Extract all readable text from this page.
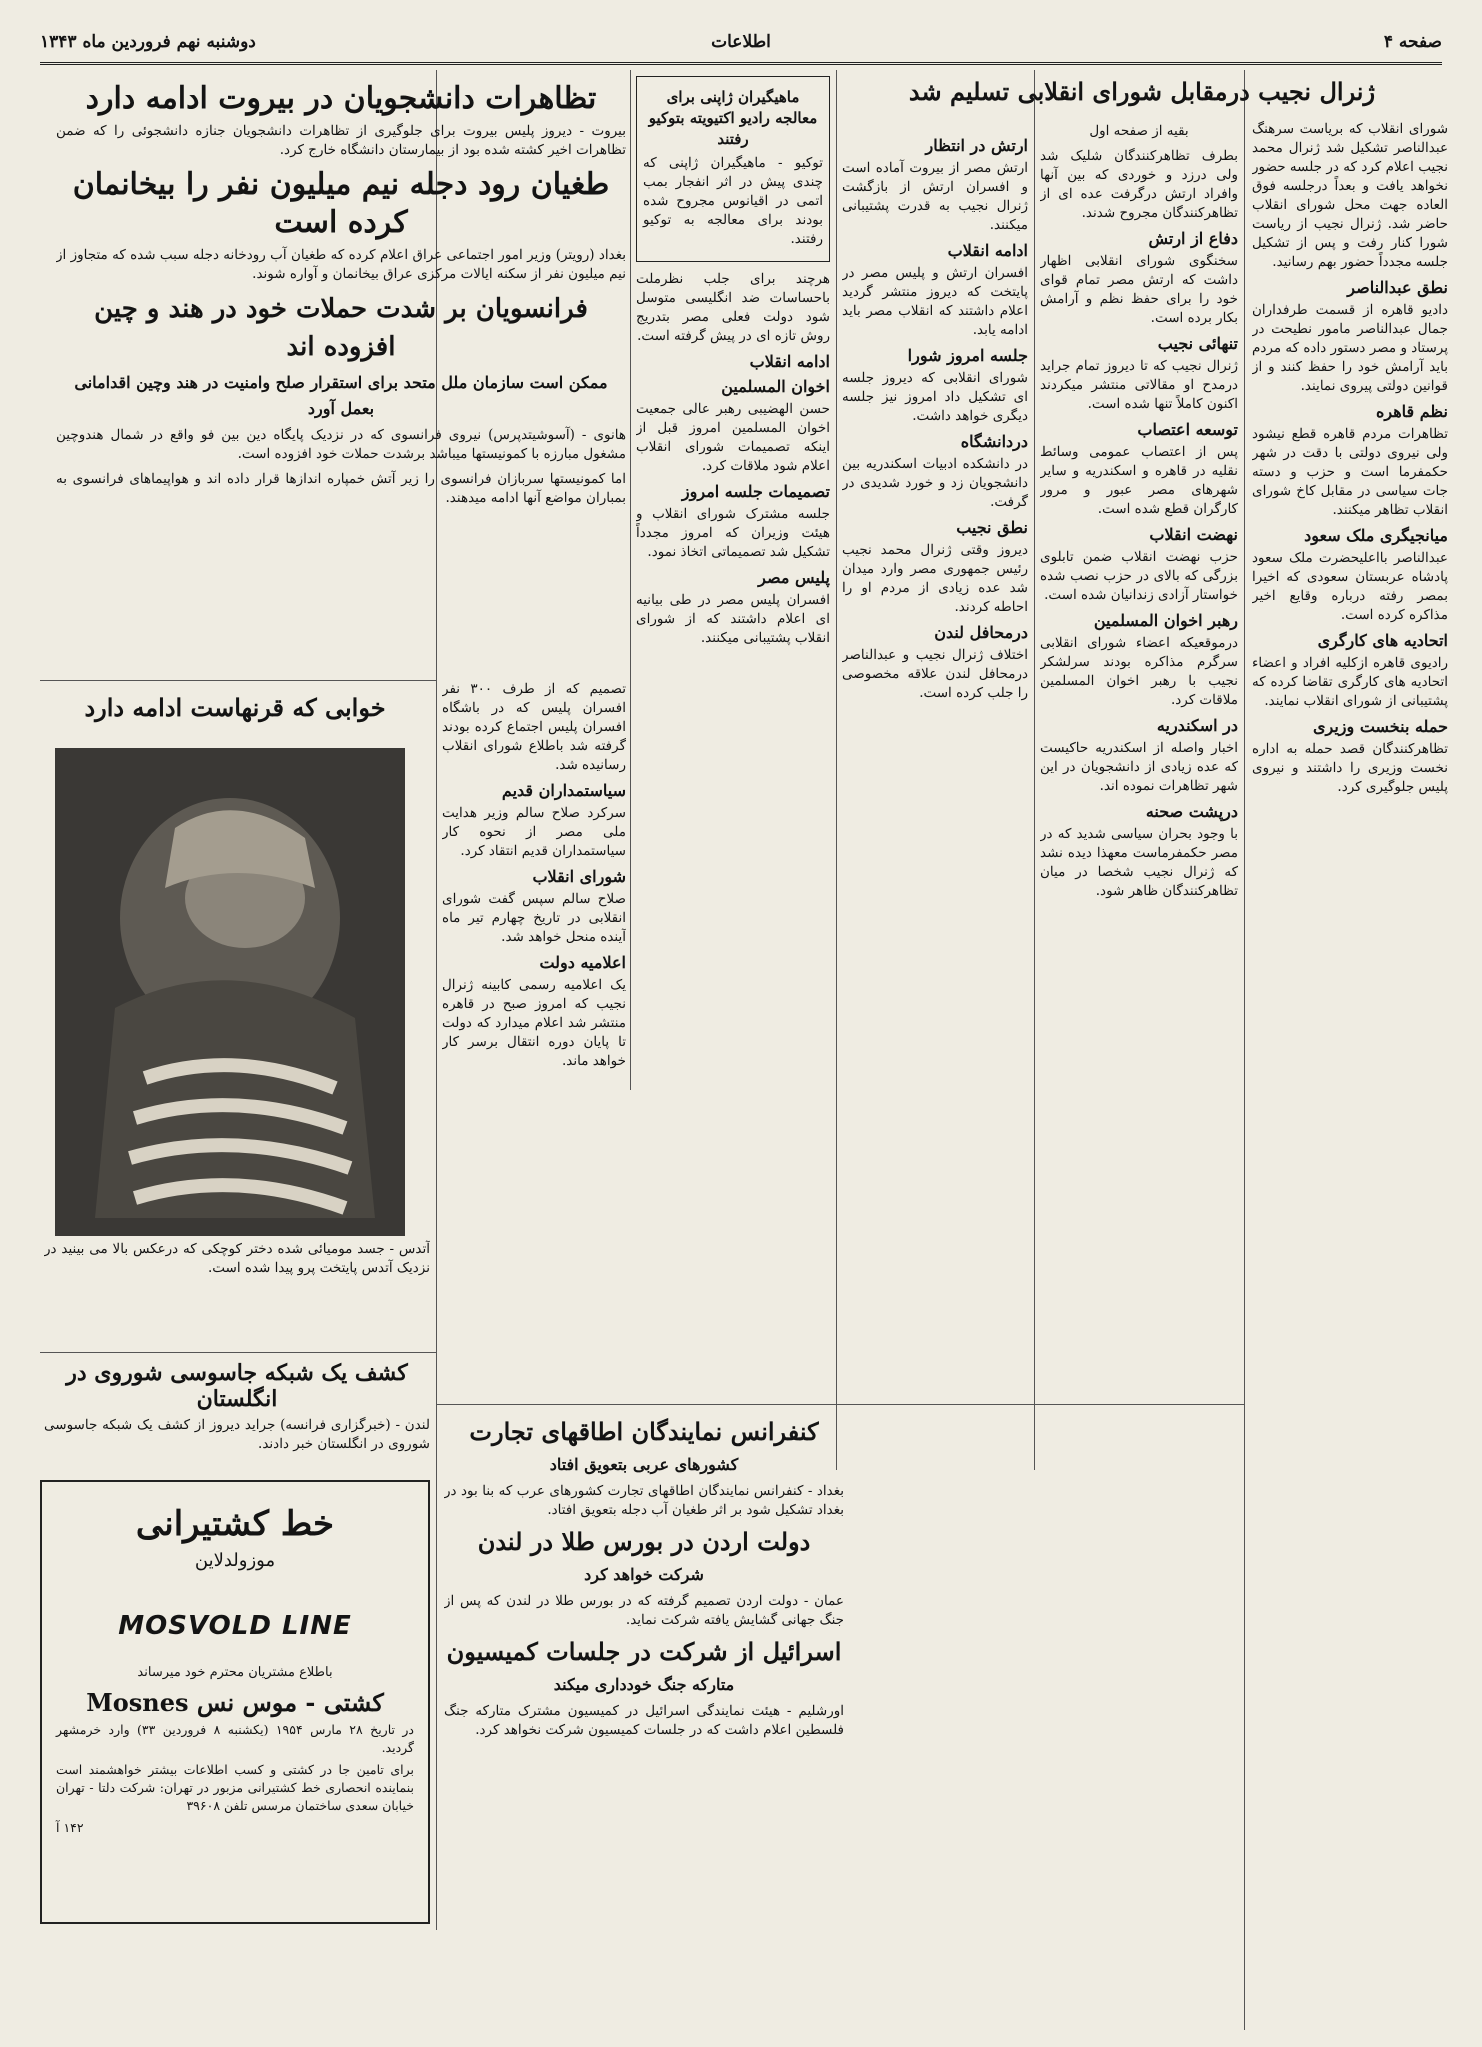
صفحه ۴
اطلاعات
دوشنبه نهم فروردین ماه ۱۳۴۳

شورای انقلاب که بریاست سرهنگ عبدالناصر تشکیل شد ژنرال محمد نجیب اعلام کرد که در جلسه حضور نخواهد یافت و بعداً درجلسه فوق العاده جهت محل شورای انقلاب حاضر شد. ژنرال نجیب از ریاست شورا کنار رفت و پس از تشکیل جلسه مجدداً حضور بهم رسانید.

نطق عبدالناصر

دادیو قاهره از قسمت طرفداران جمال عبدالناصر مامور نطیحت در پرستاد و مصر دستور داده که مردم باید آرامش خود را حفظ کنند و از قوانین دولتی پیروی نمایند.

نظم قاهره

تظاهرات مردم قاهره قطع نیشود ولی نیروی دولتی با دقت در شهر حکمفرما است و حزب و دسته جات سیاسی در مقابل کاخ شورای انقلاب تظاهر میکنند.

میانجیگری ملک سعود

عبدالناصر بااعلیحضرت ملک سعود پادشاه عربستان سعودی که اخیرا بمصر رفته درباره وقایع اخیر مذاکره کرده است.

اتحادیه های کارگری

رادیوی قاهره ازکلیه افراد و اعضاء اتحادیه های کارگری تقاضا کرده که پشتیبانی از شورای انقلاب نمایند.

حمله بنخست وزیری

تظاهرکنندگان قصد حمله به اداره نخست وزیری را داشتند و نیروی پلیس جلوگیری کرد.

ژنرال نجیب درمقابل شورای انقلابی تسلیم شد

بقیه از صفحه اول

بطرف تظاهرکنندگان شلیک شد ولی درزد و خوردی که بین آنها وافراد ارتش درگرفت عده ای از تظاهرکنندگان مجروح شدند.

دفاع از ارتش

سخنگوی شورای انقلابی اظهار داشت که ارتش مصر تمام قوای خود را برای حفظ نظم و آرامش بکار برده است.

تنهائی نجیب

ژنرال نجیب که تا دیروز تمام جراید درمدح او مقالاتی منتشر میکردند اکنون کاملاً تنها شده است.

توسعه اعتصاب

پس از اعتصاب عمومی وسائط نقلیه در قاهره و اسکندریه و سایر شهرهای مصر عبور و مرور کارگران قطع شده است.

نهضت انقلاب

حزب نهضت انقلاب ضمن تابلوی بزرگی که بالای در حزب نصب شده خواستار آزادی زندانیان شده است.

رهبر اخوان المسلمین

درموقعیکه اعضاء شورای انقلابی سرگرم مذاکره بودند سرلشکر نجیب با رهبر اخوان المسلمین ملاقات کرد.

در اسکندریه

اخبار واصله از اسکندریه حاکیست که عده زیادی از دانشجویان در این شهر تظاهرات نموده اند.

درپشت صحنه

با وجود بحران سیاسی شدید که در مصر حکمفرماست معهذا دیده نشد که ژنرال نجیب شخصا در میان تظاهرکنندگان ظاهر شود.

ارتش در انتظار

ارتش مصر از بیروت آماده است و افسران ارتش از بازگشت ژنرال نجیب به قدرت پشتیبانی میکنند.

ادامه انقلاب

افسران ارتش و پلیس مصر در پایتخت که دیروز منتشر گردید اعلام داشتند که انقلاب مصر باید ادامه یابد.

جلسه امروز شورا

شورای انقلابی که دیروز جلسه ای تشکیل داد امروز نیز جلسه دیگری خواهد داشت.

دردانشگاه

در دانشکده ادبیات اسکندریه بین دانشجویان زد و خورد شدیدی در گرفت.

نطق نجیب

دیروز وقتی ژنرال محمد نجیب رئیس جمهوری مصر وارد میدان شد عده زیادی از مردم او را احاطه کردند.

درمحافل لندن

اختلاف ژنرال نجیب و عبدالناصر درمحافل لندن علاقه مخصوصی را جلب کرده است.

ماهیگیران ژاپنی برای معالجه رادیو اکتیویته بتوکیو رفتند

توکیو - ماهیگیران ژاپنی که چندی پیش در اثر انفجار بمب اتمی در اقیانوس مجروح شده بودند برای معالجه به توکیو رفتند.

هرچند برای جلب نظرملت باحساسات ضد انگلیسی متوسل شود دولت فعلی مصر بتدریج روش تازه ای در پیش گرفته است.

ادامه انقلاب
اخوان المسلمین

حسن الهضیبی رهبر عالی جمعیت اخوان المسلمین امروز قبل از اینکه تصمیمات شورای انقلاب اعلام شود ملاقات کرد.

تصمیمات جلسه امروز

جلسه مشترک شورای انقلاب و هیئت وزیران که امروز مجدداً تشکیل شد تصمیماتی اتخاذ نمود.

پلیس مصر

افسران پلیس مصر در طی بیانیه ای اعلام داشتند که از شورای انقلاب پشتیبانی میکنند.

تصمیم که از طرف ۳۰۰ نفر افسران پلیس که در باشگاه افسران پلیس اجتماع کرده بودند گرفته شد باطلاع شورای انقلاب رسانیده شد.

سیاستمداران قدیم

سرکرد صلاح سالم وزیر هدایت ملی مصر از نحوه کار سیاستمداران قدیم انتقاد کرد.

شورای انقلاب

صلاح سالم سپس گفت شورای انقلابی در تاریخ چهارم تیر ماه آینده منحل خواهد شد.

اعلامیه دولت

یک اعلامیه رسمی کابینه ژنرال نجیب که امروز صبح در قاهره منتشر شد اعلام میدارد که دولت تا پایان دوره انتقال برسر کار خواهد ماند.

تظاهرات دانشجویان در بیروت ادامه دارد

بیروت - دیروز پلیس بیروت برای جلوگیری از تظاهرات دانشجویان جنازه دانشجوئی را که ضمن تظاهرات اخیر کشته شده بود از بیمارستان دانشگاه خارج کرد.

طغیان رود دجله نیم میلیون نفر را بیخانمان کرده است

بغداد (رویتر) وزیر امور اجتماعی عراق اعلام کرده که طغیان آب رودخانه دجله سبب شده که متجاوز از نیم میلیون نفر از سکنه ایالات مرکزی عراق بیخانمان و آواره شوند.

فرانسویان بر شدت حملات خود در هند و چین افزوده اند
ممکن است سازمان ملل متحد برای استقرار صلح وامنیت در هند وچین اقدامانی بعمل آورد

هانوی - (آسوشیتدپرس) نیروی فرانسوی که در نزدیک پایگاه دین بین فو واقع در شمال هندوچین مشغول مبارزه با کمونیستها میباشد برشدت حملات خود افزوده است.

اما کمونیستها سربازان فرانسوی را زیر آتش خمپاره اندازها قرار داده اند و هواپیماهای فرانسوی به بمباران مواضع آنها ادامه میدهند.

خوابی که قرنهاست ادامه دارد

آتدس - جسد مومیائی شده دختر کوچکی که درعکس بالا می بینید در نزدیک آتدس پایتخت پرو پیدا شده است.

کشف یک شبکه جاسوسی شوروی در انگلستان

لندن - (خبرگزاری فرانسه) جراید دیروز از کشف یک شبکه جاسوسی شوروی در انگلستان خبر دادند.	کنفرانس نمایندگان اطاقهای تجارت
کشورهای عربی بتعویق افتاد

بغداد - کنفرانس نمایندگان اطاقهای تجارت کشورهای عرب که بنا بود در بغداد تشکیل شود بر اثر طغیان آب دجله بتعویق افتاد.

دولت اردن در بورس طلا در لندن
شرکت خواهد کرد

عمان - دولت اردن تصمیم گرفته که در بورس طلا در لندن که پس از جنگ جهانی گشایش یافته شرکت نماید.

اسرائیل از شرکت در جلسات کمیسیون
متارکه جنگ خودداری میکند

اورشلیم - هیئت نمایندگی اسرائیل در کمیسیون مشترک متارکه جنگ فلسطین اعلام داشت که در جلسات کمیسیون شرکت نخواهد کرد.

خط کشتیرانی
موزولدلاین
MOSVOLD LINE
باطلاع مشتریان محترم خود میرساند
کشتی - موس نس Mosnes

در تاریخ ۲۸ مارس ۱۹۵۴ (یکشنبه ۸ فروردین ۳۳) وارد خرمشهر گردید.

برای تامین جا در کشتی و کسب اطلاعات بیشتر خواهشمند است بنماینده انحصاری خط کشتیرانی مزبور در تهران: شرکت دلتا - تهران خیابان سعدی ساختمان مرسس تلفن ۳۹۶۰۸

۱۴۲ آ
